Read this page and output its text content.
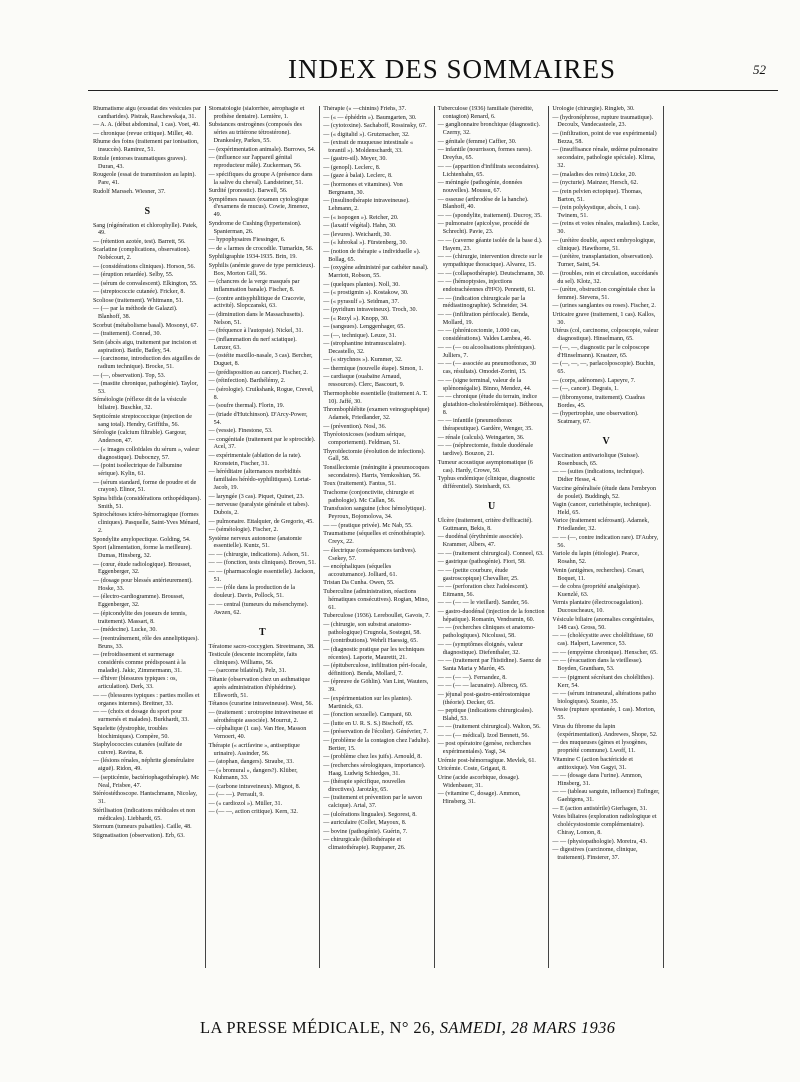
INDEX DES SOMMAIRES	52
Rhumatisme aigu (exsudat des vésicules par cantharides). Pistrak, Raschewskaja, 31.
— A. A. (début abdominal, 1 cas). Voet, 40.
— chronique (revue critique). Miller, 40.
Rhume des foins (traitement par ionisation, insuccès). Ramirez, 51.
Rotule (entorses traumatiques graves). Duran, 43.
Rougeole (essai de transmission au lapin). Pare, 41.
Rudolf Marsseh. Wiesner, 37.
S
Sang (régénération et chlorophylle). Patek, 49.
— (rétention azotée, test). Barrett, 56.
Scarlatine (complications, observation). Nobécourt, 2.
— (considérations cliniques). Horson, 56.
— (éruption retardée). Selby, 55.
— (sérum de convalescent). Elkington, 55.
— (streptococcie cutanée). Fricker, 8.
Scoliose (traitement). Whitmann, 51.
— (— par la méthode de Galazzi). Blanhoff, 38.
Scorbut (métabolisme basal). Mosonyi, 67.
— (traitement). Conrad, 30.
Sein (abcès aigu, traitement par incision et aspiration). Battle, Batley, 54.
— (carcinome, introduction des aiguilles de radium technique). Brocke, 51.
— (—, observation). Top, 53.
— (mastite chronique, pathogénie). Taylor, 53.
Séméiologie (réflexe dit de la vésicule biliaire). Buschke, 32.
Septicémie streptococcique (injection de sang total). Hendry, Griffiths, 56.
Sérologie (calcium filtrable). Gargour, Anderson, 47.
— (« images colloïdales du sérum », valeur diagnostique). Dubocnzy, 57.
— (point isoélectrique de l'albumine sérique). Kylin, 61.
— (sérum standard, forme de poudre et de crayon). Elinor, 51.
Spina bifida (considérations orthopédiques). Smith, 51.
Spirochétoses ictéro-hémorragique (formes cliniques). Pasquelle, Saint-Yves Ménard, 2.
Spondylite amylopectique. Golding, 54.
Sport (alimentation, forme la meilleure). Dumas, Hinsberg, 32.
— (cœur, étude radiologique). Brousset, Eggenberger, 32.
— (dosage pour blessés antérieurement). Hoske, 33.
— (électro-cardiogramme). Brousset, Eggenberger, 32.
— (épicondylite des joueurs de tennis, traitement). Massart, 8.
— (médecine). Lucke, 30.
— (reentraînement, rôle des anneliptiques). Bruns, 33.
— (refroidissement et surmenage considérés comme prédisposant à la maladie). Jakic, Zimmermann, 31.
— d'hiver (blessures typiques : os, articulation). Derk, 33.
— — (blessures typiques : parties molles et organes internes). Breitner, 33.
— — (choix et dosage du sport pour surmenés et malades). Burkhardt, 33.
Squelette (dystrophie, troubles biochimiques). Compère, 50.
Staphylococcies cutanées (sulfate de cuivre). Ravina, 8.
— (lésions rénales, néphrite glomérulaire aiguë). Ridon, 49.
— (septicémie, bactériophagothérapie). Mc Neal, Frisbee, 47.
Stéréostéthoscope. Hantschmann, Nicolay, 31.
Stérilisation (indications médicales et non médicales). Liebhardt, 65.
Sternum (tumeurs pulsatiles). Caille, 48.
Stigmatisation (observation). Erb, 63.
Stomatologie (sialorrhée, aérophagie et prothèse dentaire). Lemière, 1.
Substances œstrogènes (composés des séries au tritérone tétrostérone). Drankesley, Parkes, 55.
— (expérimentation animale). Burrows, 54.
— (influence sur l'appareil génital reproducteur mâle). Zuckerman, 56.
— spécifiques du groupe A (présence dans la salive du cheval). Landsteiner, 51.
Surdité (pronostic). Barwell, 56.
Symptômes nasaux (examen cytologique d'examens de mucus). Cowie, Jimenez, 49.
Syndrome de Cushing (hypertension). Spanierman, 26.
— hypophysaires Fiessinger, 6.
— de « larmes de crocodile. Tumarkin, 56.
Syphiligraphie 1934-1935. Brin, 19.
Syphilis (anémie grave de type pernicieux). Box, Morton Gill, 56.
— (chancres de la verge masqués par inflammation banale). Fischer, 8.
— (contre antisyphilitique de Cracovie, activité). Slopczanski, 63.
— (diminution dans le Massachusetts). Nelson, 51.
— (fréquence à l'autopsie). Nickel, 31.
— (inflammation du nerf sciatique). Lenzer, 63.
— (ostéite maxillo-nasale, 3 cas). Bercher, Duguet, 8.
— (prédisposition au cancer). Fischer, 2.
— (réinfection). Barthélémy, 2.
— (sérologie). Cruikshank, Rogue, Crevel, 8.
— (soufre thermal). Florin, 19.
— (triade d'Hutchinson). D'Arcy-Power, 54.
— (vessie). Finestone, 53.
— congénitale (traitement par le spirocide). Acel, 37.
— expérimentale (ablation de la rate). Kronstein, Fischer, 31.
— héréditaire (alternances morbidités familiales hérédo-syphilitiques). Lortat-Jacob, 19.
— laryngée (3 cas). Piquet, Quinet, 23.
— nerveuse (paralysie générale et tabes). Dubois, 2.
— pulmonaire. Ettalquier, de Gregorio, 45.
— (séméiologie). Fischer, 2.
Système nerveux autonome (anatomie essentielle). Kuntz, 51.
— — (chirurgie, indications). Adson, 51.
— — (fonction, tests cliniques). Brown, 51.
— — (pharmacologie essentielle). Jackson, 51.
— — (rôle dans la production de la douleur). Davis, Pollock, 51.
— — central (tumeurs du mésenchyme). Awzen, 62.
T
Tératome sacro-coccygien. Streetmann, 38.
Testicule (descente incomplète, faits cliniques). Williams, 56.
— (sarcome bilatéral). Pelz, 31.
Tétanie (observation chez un asthmatique après administration d'éphédrine). Ellsworth, 51.
Tétanos (curarine intraveineuse). West, 56.
— (traitement : urotropine intraveineuse et sérothérapie associée). Mourrut, 2.
— céphalique (1 cas). Van Hee, Masson Vernoert, 40.
Thérapie (« acrifavine », antiseptique urinaire). Assinder, 56.
— (atophan, dangers). Straube, 33.
— (« bromural », dangers?). Klüber, Kuhmann, 33.
— (carbone intraveineux). Mignot, 8.
— (— —). Perrault, 9.
— (« cardiozol »). Müller, 31.
— (— —, action critique). Kern, 32.
Thérapie (« —chinins) Friehs, 37.
— (« — éphédrin »). Baumgarten, 30.
— (cytotoxine). Sachaboff, Rossinsky, 67.
— (« digitalid »). Grutzmacher, 32.
— (extrait de muqueuse intestinale « torantil »). Moldenschardt, 33.
— (gastro-sil). Meyer, 30.
— (genopl). Leclerc, 8.
— (gaze à balai). Leclerc, 8.
— (hormones et vitamines). Von Bergmann, 30.
— (insulinothérapie intraveineuse). Lehmann, 2.
— (« isopogen »). Reicher, 20.
— (laxatif végétal). Hahn, 30.
— (levures). Weichardt, 30.
— (« lubrokal »). Fürstenberg, 30.
— (notion de thérapie « individuelle »). Bollag, 65.
— (oxygène administré par cathéter nasal). Marriott, Robson, 55.
— (quelques plantes). Noll, 30.
— (« prostigmin »). Kostakow, 30.
— (« pyrasulf »). Seidman, 37.
— (pyridium intraveineux). Troch, 30.
— (« Rezyl »). Knopp, 30.
— (sangsues). Lenggenhager, 65.
— (—, technique). Leuze, 31.
— (strophantine intramusculaire). Decastello, 32.
— (« strychnos »). Kummer, 32.
— thermique (nouvelle étape). Simon, 1.
— cardiaque (ouabaïne Arnaud, ressources). Clerc, Bascourt, 9.
Thermophobie essentielle (traitement A. T. 10). Jaffé, 30.
Thrombophlébite (examen veinographique) Adamek, Friedlander, 32.
— (prévention). Nosl, 36.
Thyréotoxicoses (sodium sérique, comportement). Feldman, 51.
Thyroïdectomie (évolution de infections). Gall, 58.
Tonsillectomie (méningite à pneumocoques secondaires). Harris, Yemkoshian, 56.
Toux (traitement). Fantus, 51.
Trachome (conjonctivite, chirurgie et pathologie). Mc Callan, 56.
Transfusion sanguine (choc hémolytique). Peyroux, Bojomolova, 34.
— — (pratique privée). Mc Nab, 55.
Traumatisme (séquelles et crénothérapie). Creyx, 22.
— électrique (conséquences tardives). Csekey, 57.
— encéphaliques (séquelles accoutumance). Jolliard, 61.
Tristan Da Cunha. Owen, 55.
Tuberculine (administration, réactions hématiques consécutives). Rogian, Mino, 61.
Tuberculose (1936). Lereboullet, Gavois, 7.
— (chirurgie, son substrat anatomo-pathologique) Crugnola, Sostegni, 58.
— (contributions). Wehrli Haessig, 65.
— (diagnostic pratique par les techniques récentes). Laporte, Mauretit, 21.
— (épituberculose, infiltration péri-focale, définition). Benda, Mollard, 7.
— (épreuve de Göhlin). Van Lint, Wauters, 39.
— (expérimentation sur les plantes). Martinick, 63.
— (fonction sexuelle). Campani, 60.
— (lutte en U. R. S. S.) Bischoff, 65.
— (préservation de l'écolier). Génévrier, 7.
— (problème de la contagion chez l'adulte). Bertier, 15.
— (problème chez les juifs). Arnould, 8.
— (recherches sérologiques, importance). Haag, Ludwig Schiedges, 31.
— (thérapie spécifique, nouvelles directives). Jarotzky, 65.
— (traitement et prévention par le savon calcique). Artal, 37.
— (ulcérations linguales). Segorest, 8.
— auriculaire (Collet, Mayoux, 8.
— bovine (pathogénie). Guérin, 7.
— chirurgicale (héliothérapie et climatothérapie). Ruppaner, 26.
Tuberculose (1936) familiale (hérédité, contagion) Renard, 6.
— ganglionnaire bronchique (diagnostic). Czerny, 32.
— génitale (femme) Caffier, 30.
— infantile (nourrisson, formes rares). Dreyfus, 65.
— — (apparition d'infiltrats secondaires). Lichtenhahn, 65.
— méningée (pathogénie, données nouvelles). Moussu, 67.
— osseuse (arthrodèse de la hanche). Blanhoff, 40.
— — (spondylite, traitement). Ducroy, 35.
— pulmonaire (apicolyse, procédé de Schrecht). Pavie, 23.
— — (caverne géante isolée de la base d.). Hayem, 23.
— — (chirurgie, intervention directe sur le sympathique thoracique). Alvarez, 15.
— — (collapsothérapie). Deutschmann, 30.
— — (hémoptysies, injections endotrachéennes d'H²O). Pennetti, 61.
— — (indication chirurgicale par la médiastinographie). Schneider, 34.
— — (infiltration périfocale). Benda, Mollard, 19.
— — (phrénicectomie, 1.000 cas, considérations). Valdes Lambea, 46.
— — (— ou alcoolisations phréniques). Julliers, 7.
— — (— associée au pneumothorax, 30 cas, résultats). Omodei-Zorini, 15.
— — (signe terminal, valeur de la splénomégalie). Binno, Mendez, 44.
— — chronique (étude du terrain, indice glutathion-cholestérolémique). Bétheous, 8.
— — infantile (pneumothorax thérapeutique). Gardère, Wenger, 35.
— rénale (calculs). Weingarten, 36.
— — (néphrectomie, fistule duodénale tardive). Bouzon, 21.
Tumeur acoustique asymptomatique (6 cas). Hardy, Crowe, 50.
Typhus endémique (clinique, diagnostic différentiel). Steinhardt, 63.
U
Ulcère (traitement, critère d'efficacité). Guttmann, Bekis, 8.
— duodénal (érythrémie associée). Krammer, Albers, 47.
— — (traitement chirurgical). Conneel, 63.
— gastrique (pathogénie). Fiori, 58.
— — (petite courbure, étude gastroscopique) Chevallier, 25.
— — (perforation chez l'adolescent). Eitmann, 56.
— — (— — le vieillard). Sander, 56.
— gastro-duodénal (injection de la fonction hépatique). Romanin, Vendramin, 60.
— — (recherches cliniques et anatomo-pathologiques). Nicolussi, 58.
— — (symptômes éloignés, valeur diagnostique). Diefenthaler, 32.
— — (traitement par l'histidine). Saenz de Santa Maria y Marón, 45.
— — (— —). Fernandez, 8.
— — (— — lacunaire). Albrecq, 65.
— jéjunal post-gastro-entérostomique (théorie). Decker, 65.
— peptique (indications chirurgicales). Blahd, 53.
— — (traitement chirurgical). Walton, 56.
— — (— médical). Izod Bennett, 56.
— post opératoire (genèse, recherches expérimentales). Yagi, 34.
Urémie post-hémorragique. Mevlek, 61.
Uricémie. Coste, Grigaut, 8.
Urine (acide ascorbique, dosage). Widenbauer, 31.
— (vitamine C, dosage). Ammon, Hinsberg, 31.
Urologie (chirurgie). Ringleb, 30.
— (hydronéphrose, rupture traumatique). Decoulx, Vandecasteele, 23.
— (infiltration, point de vue expérimental) Bezza, 58.
— (insuffisance rénale, œdème pulmonaire secondaire, pathologie spéciale). Klima, 32.
— (maladies des reins) Lücke, 20.
— (nycturie). Mainzer, Hersch, 62.
— (rein pelvien ectopique). Thomas, Barton, 51.
— (rein polykystique, abcès, 1 cas). Twinem, 51.
— (reins et voies rénales, maladies). Lucke, 30.
— (urétère double, aspect embryologique, clinique). Hawthorne, 51.
— (urétère, transplantation, observation). Turner, Saint, 54.
— (troubles, rein et circulation, succédanés du sel). Klotz, 32.
— (urètre, obstruction congénitale chez la femme). Stevens, 51.
— (urines sanglantes ou roses). Fischer, 2.
Urticaire grave (traitement, 1 cas). Kallos, 30.
Utérus (col, carcinome, colposcopie, valeur diagnostique). Hinselmann, 65.
— (—, —, diagnostic par le colposcope d'Hinselmann). Kraatzer, 65.
— (—, —, —, parlacolposcopie). Buchin, 65.
— (corps, adénomes). Lapeyre, 7.
— (—, cancer). Degrais, 1.
— (fibromyome, traitement). Cuadras Bordes, 45.
— (hypertrophie, une observation). Scatmary, 67.
V
Vaccination antivariolique (Suisse). Rosenbusch, 65.
— — (suites (indications, technique). Didier Hesse, 4.
Vaccine généralisée (étude dans l'embryon de poulet). Buddingh, 52.
Vagin (cancer, curiethérapie, technique). Held, 65.
Varice (traitement sclérosant). Adamek, Friedlander, 32.
— — (—, contre indication rare). D'Aubry, 56.
Variole du lapin (étiologie). Pearce, Rosahn, 52.
Venin (antigènes, recherches). Cesari, Boquet, 11.
— de cobra (propriété analgésique). Kuenzlé, 63.
Vernis plantaire (électrocoagulation). Ducouscheaux, 10.
Vésicule biliaire (anomalies congénitales, 148 cas). Gross, 50.
— — (cholécystite avec cholélithiase, 60 cas). Halpert, Lawrence, 53.
— — (empyème chronique). Henscher, 65.
— — (évacuation dans la vieillesse). Boyden, Grantham, 53.
— — (pigment sécrétant des cholélithes). Kerr, 54.
— — (sérum intraneural, altérations patho biologiques). Szanto, 35.
Vessie (rupture spontanée, 1 cas). Morton, 55.
Virus du fibrome du lapin (expérimentation). Andrewes, Shope, 52.
— des muqueuses (gènes et lysogènes, propriété commune). Lwoff, 11.
Vitamine C (action bactéricide et antitoxique). Von Gagyi, 31.
— — (dosage dans l'urine). Ammon, Hinsberg, 31.
— — (tableau sanguin, influence) Eufinger, Gaehtgens, 31.
— E (action antistérile) Gierhagen, 31.
Voies biliaires (exploration radiologique et cholécystostomie complémentaire). Chiray, Lomon, 8.
— — (physiopathologie). Moreira, 43.
— digestives (carcinome, clinique, traitement). Finsterer, 37.
LA PRESSE MÉDICALE, N° 26, SAMEDI, 28 MARS 1936
